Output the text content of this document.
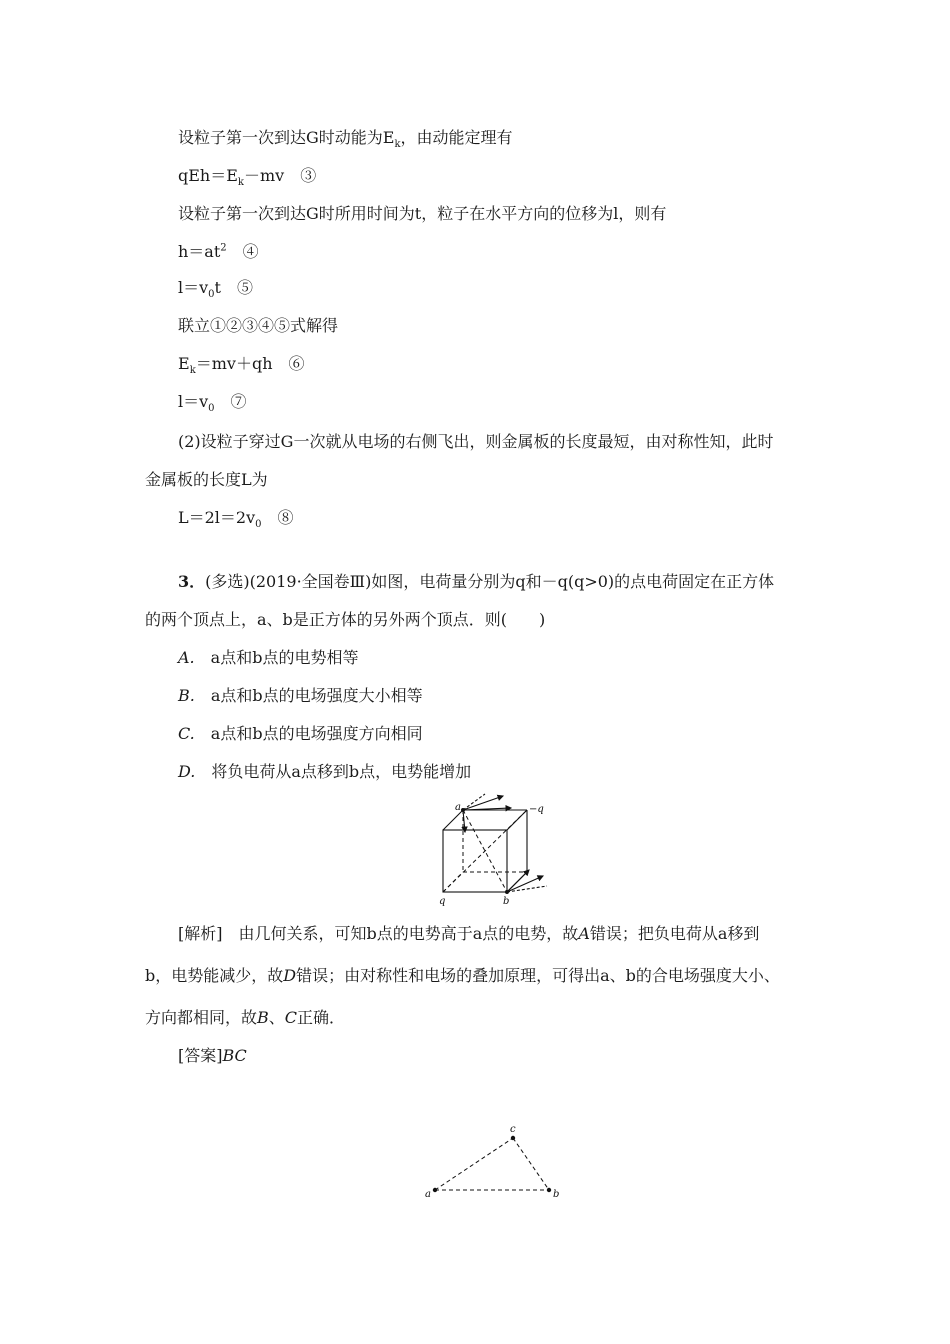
设粒子第一次到达G时动能为$E_k$，由动能定理有
$qEh=E_k-mv$　③
设粒子第一次到达G时所用时间为t，粒子在水平方向的位移为l，则有
$h=at^2$　④
$l=v_0t$　⑤
联立①②③④⑤式解得
$E_k=mv+qh$　⑥
$l=v_0$　⑦
(2)设粒子穿过G一次就从电场的右侧飞出，则金属板的长度最短，由对称性知，此时
金属板的长度L为
$L=2l=2v_0$　⑧
3．(多选)(2019·全国卷Ⅲ)如图，电荷量分别为q和－q(q>0)的点电荷固定在正方体
的两个顶点上，a、b是正方体的另外两个顶点．则(　　)
A.　 a点和b点的电势相等
B.　 a点和b点的电场强度大小相等
C.　 a点和b点的电场强度方向相同
D.　 将负电荷从a点移到b点，电势能增加
a	−q
q	b
[解析]　 由几何关系，可知b点的电势高于a点的电势，故A错误；把负电荷从a移到
b，电势能减少，故D错误；由对称性和电场的叠加原理，可得出a、b的合电场强度大小、
方向都相同，故B、C正确．
[答案]BC
a	b
c
